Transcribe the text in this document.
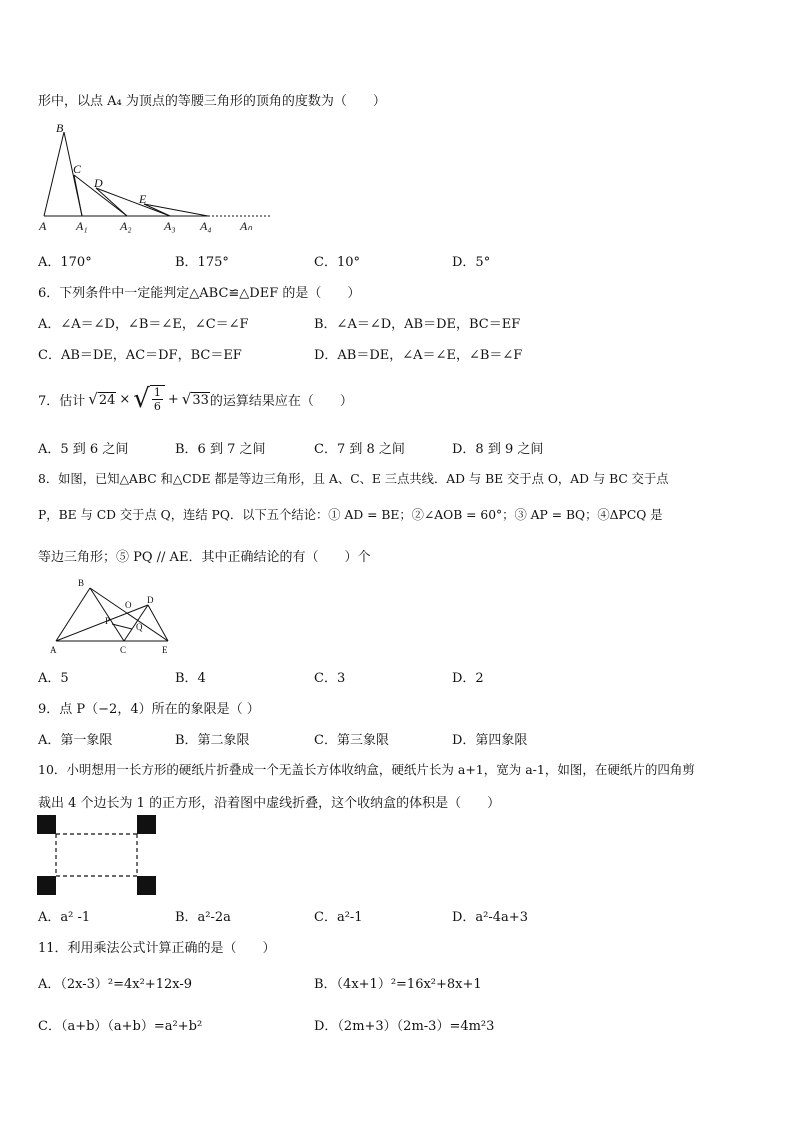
形中，以点 A₄ 为顶点的等腰三角形的顶角的度数为（　　）
B
C
D
E
A A₁	A₂	A₃ A₄ Aₙ
A．170°	B．175°	C．10°	D．5°
6．下列条件中一定能判定△ABC≌△DEF 的是（　　）
A．∠A＝∠D，∠B＝∠E，∠C＝∠F	B．∠A＝∠D，AB＝DE，BC＝EF
C．AB＝DE，AC＝DF，BC＝EF	D．AB＝DE，∠A＝∠E，∠B＝∠F
7．估计 √ 24 × √ $\frac{1}{6}$ + √ 33 的运算结果应在（　　）
A．5 到 6 之间	B．6 到 7 之间	C．7 到 8 之间	D．8 到 9 之间
8．如图，已知△ABC 和△CDE 都是等边三角形，且 A、C、E 三点共线．AD 与 BE 交于点 O，AD 与 BC 交于点
P，BE 与 CD 交于点 Q，连结 PQ．以下五个结论：① AD = BE；②∠AOB = 60°；③ AP = BQ；④ΔPCQ 是
等边三角形；⑤ PQ // AE．其中正确结论的有（　　）个
B
O D
P
Q
A	C	E
A．5	B．4	C．3	D．2
9．点 P（−2，4）所在的象限是（ ）
A．第一象限	B．第二象限	C．第三象限	D．第四象限
10．小明想用一长方形的硬纸片折叠成一个无盖长方体收纳盒，硬纸片长为 a+1，宽为 a-1，如图，在硬纸片的四角剪
裁出 4 个边长为 1 的正方形，沿着图中虚线折叠，这个收纳盒的体积是（　　）
A．a² -1	B．a²-2a	C．a²-1	D．a²-4a+3
11．利用乘法公式计算正确的是（　　）
A．（2x-3）²=4x²+12x-9	B．（4x+1）²=16x²+8x+1
C．（a+b）（a+b）=a²+b²	D．（2m+3）（2m-3）=4m²3
